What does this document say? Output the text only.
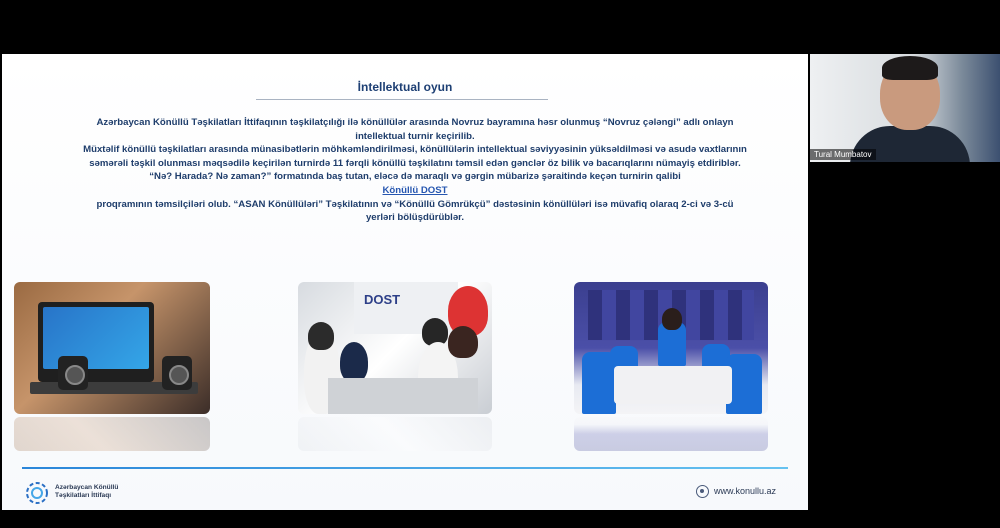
İntellektual oyun

Azərbaycan Könüllü Təşkilatları İttifaqının təşkilatçılığı ilə könüllülər arasında Novruz bayramına həsr olunmuş “Novruz çələngi” adlı onlayn intellektual turnir keçirilib.

Müxtəlif könüllü təşkilatları arasında münasibətlərin möhkəmləndirilməsi, könüllülərin intellektual səviyyəsinin yüksəldilməsi və asudə vaxtlarının səmərəli təşkil olunması məqsədilə keçirilən turnirdə 11 fərqli könüllü təşkilatını təmsil edən gənclər öz bilik və bacarıqlarını nümayiş etdiriblər.

“Nə? Harada? Nə zaman?” formatında baş tutan, eləcə də maraqlı və gərgin mübarizə şəraitində keçən turnirin qalibi

Könüllü DOST

proqramının təmsilçiləri olub. “ASAN Könüllüləri” Təşkilatının və “Könüllü Gömrükçü” dəstəsinin könüllüləri isə müvafiq olaraq 2-ci və 3-cü yerləri bölüşdürüblər.

DOST
Azərbaycan Könüllü
Təşkilatları İttifaqı	www.konullu.az
Tural Mumbatov
